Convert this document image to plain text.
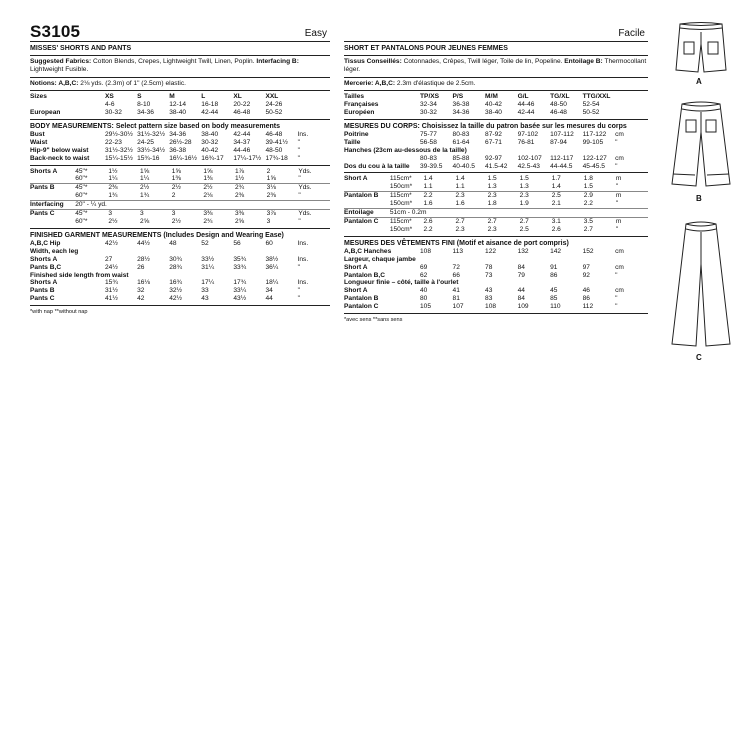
S3105	Easy
MISSES' SHORTS AND PANTS
Suggested Fabrics: Cotton Blends, Crepes, Lightweight Twill, Linen, Poplin. Interfacing B: Lightweight Fusible.
Notions: A,B,C: 2⅛ yds. (2.3m) of 1" (2.5cm) elastic.
Sizes	XS	S	M	L	XL	XXL	
	4-6	8-10	12-14	16-18	20-22	24-26	
European	30-32	34-36	38-40	42-44	46-48	50-52	
BODY MEASUREMENTS: Select pattern size based on body measurements
Bust	29½-30½	31½-32½	34-36	38-40	42-44	46-48	Ins.
Waist	22-23	24-25	26½-28	30-32	34-37	39-41½	"
Hip-9" below waist	31½-32½	33½-34½	36-38	40-42	44-46	48-50	"
Back-neck to waist	15¼-15½	15¾-16	16¼-16½	16¾-17	17¼-17½	17¾-18	"
Shorts A	45"*	1½	1⅝	1⅝	1⅝	1⅞	2	Yds.
	60"*	1¼	1¼	1⅜	1⅜	1½	1⅝	"
Pants B	45"*	2⅜	2½	2½	2½	2¾	3⅛	Yds.
	60"*	1¾	1¾	2	2⅛	2⅜	2⅜	"
Interfacing	20" - ¼ yd.							
Pants C	45"*	3	3	3	3⅜	3⅜	3⅞	Yds.
	60"*	2½	2⅝	2½	2¾	2⅝	3	"
FINISHED GARMENT MEASUREMENTS (Includes Design and Wearing Ease)
A,B,C Hip	42½	44½	48	52	56	60	Ins.
Width, each leg							
Shorts A	27	28½	30¾	33½	35¾	38½	Ins.
Pants B,C	24½	26	28¾	31¼	33¾	36¼	"
Finished side length from waist							
Shorts A	15¾	16⅛	16¾	17¼	17¾	18¼	Ins.
Pants B	31½	32	32½	33	33¼	34	"
Pants C	41½	42	42½	43	43½	44	"
*with nap **without nap
Facile
SHORT ET PANTALONS POUR JEUNES FEMMES
Tissus Conseillés: Cotonnades, Crêpes, Twill léger, Toile de lin, Popeline. Entoilage B: Thermocollant léger.
Mercerie: A,B,C: 2.3m d'élastique de 2.5cm.
Tailles	TP/XS	P/S	M/M	G/L	TG/XL	TTG/XXL	
Françaises	32-34	36-38	40-42	44-46	48-50	52-54	
Européen	30-32	34-36	38-40	42-44	46-48	50-52	
MESURES DU CORPS: Choisissez la taille du patron basée sur les mesures du corps
Poitrine	75-77	80-83	87-92	97-102	107-112	117-122	cm
Taille	56-58	61-64	67-71	76-81	87-94	99-105	"
Hanches (23cm au-dessous de la taille)							
	80-83	85-88	92-97	102-107	112-117	122-127	cm
Dos du cou à la taille	39-39.5	40-40.5	41.5-42	42.5-43	44-44.5	45-45.5	"
Short A	115cm*	1.4	1.4	1.5	1.5	1.7	1.8	m
	150cm*	1.1	1.1	1.3	1.3	1.4	1.5	"
Pantalon B	115cm*	2.2	2.3	2.3	2.3	2.5	2.9	m
	150cm*	1.6	1.6	1.8	1.9	2.1	2.2	"
Entoilage	51cm - 0.2m							
Pantalon C	115cm*	2.6	2.7	2.7	2.7	3.1	3.5	m
	150cm*	2.2	2.3	2.3	2.5	2.6	2.7	"
MESURES DES VÊTEMENTS FINI (Motif et aisance de port compris)
A,B,C Hanches	108	113	122	132	142	152	cm
Largeur, chaque jambe							
Short A	69	72	78	84	91	97	cm
Pantalon B,C	62	66	73	79	86	92	"
Longueur finie – côté, taille à l'ourlet							
Short A	40	41	43	44	45	46	cm
Pantalon B	80	81	83	84	85	86	"
Pantalon C	105	107	108	109	110	112	"
*avec sens **sans sens
A
B
C
